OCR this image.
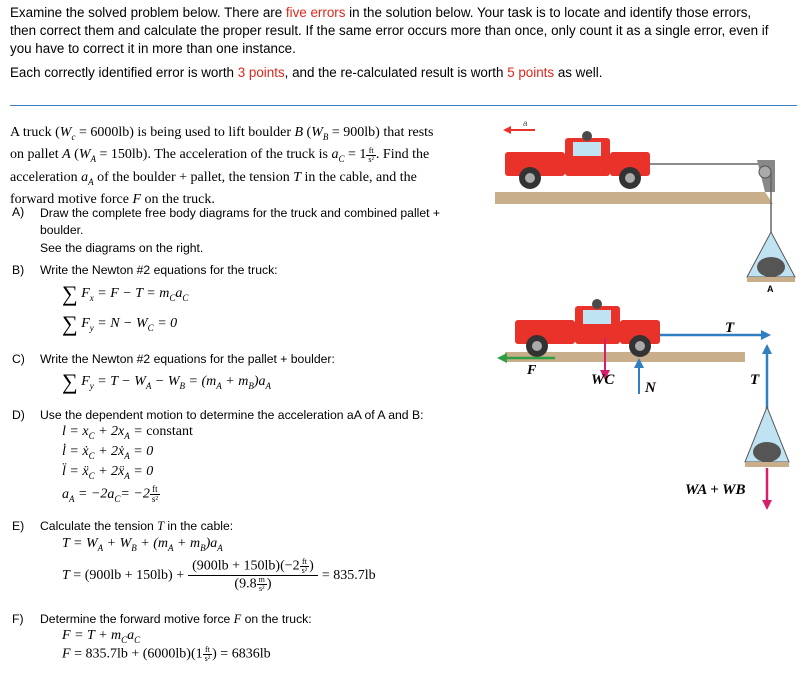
Examine the solved problem below. There are five errors in the solution below. Your task is to locate and identify those errors,
then correct them and calculate the proper result. If the same error occurs more than once, only count it as a single error, even if
you have to correct it in more than one instance.
Each correctly identified error is worth 3 points, and the re-calculated result is worth 5 points as well.
A truck $(W_c = 6000lb)$ is being used to lift boulder B $(W_B = 900lb)$ that rests
on pallet A $(W_A = 150lb)$. The acceleration of the truck is $a_C = 1 \frac{ft}{\text{s²}}$ . Find the
acceleration $a_A$ of the boulder + pallet, the tension T in the cable, and the
forward motive force F on the truck.
A) Draw the complete free body diagrams for the truck and combined pallet +
boulder.
See the diagrams on the right.
B) Write the Newton #2 equations for the truck:
∑ $F_x = F - T = m_Ca_C$
∑ $F_y = N - W_C = 0$
C) Write the Newton #2 equations for the pallet + boulder:
∑ $F_y = T - W_A - W_B = (m_A + m_B)a_A$
D) Use the dependent motion to determine the acceleration aA of A and B:
$l = x_C + 2x_A$ = constant
l̇ = ẋ$_C$ + 2ẋ$_A$ = 0
l̈ = ẍ$_C$ + 2ẍ$_A$ = 0
$a_A = -2a_C= -2 \frac{ft}{\text{s²}}$
E) Calculate the tension T in the cable:
$T = W_A + W_B + (m_A + m_B)a_A$
$T = (900lb + 150lb) + \frac{(900lb + 150lb)(-2 \frac{ft}{\text{s²}} )}{(9.8 \frac{m}{\text{s²}} )} = 835.7lb$
F) Determine the forward motive force F on the truck:
$F = T + m_Ca_C$
$F = 835.7lb + (6000lb)(1 \frac{ft}{\text{s²}}$ ) = 6836lb
a
A
T
F
WC N	T
WA + WB
